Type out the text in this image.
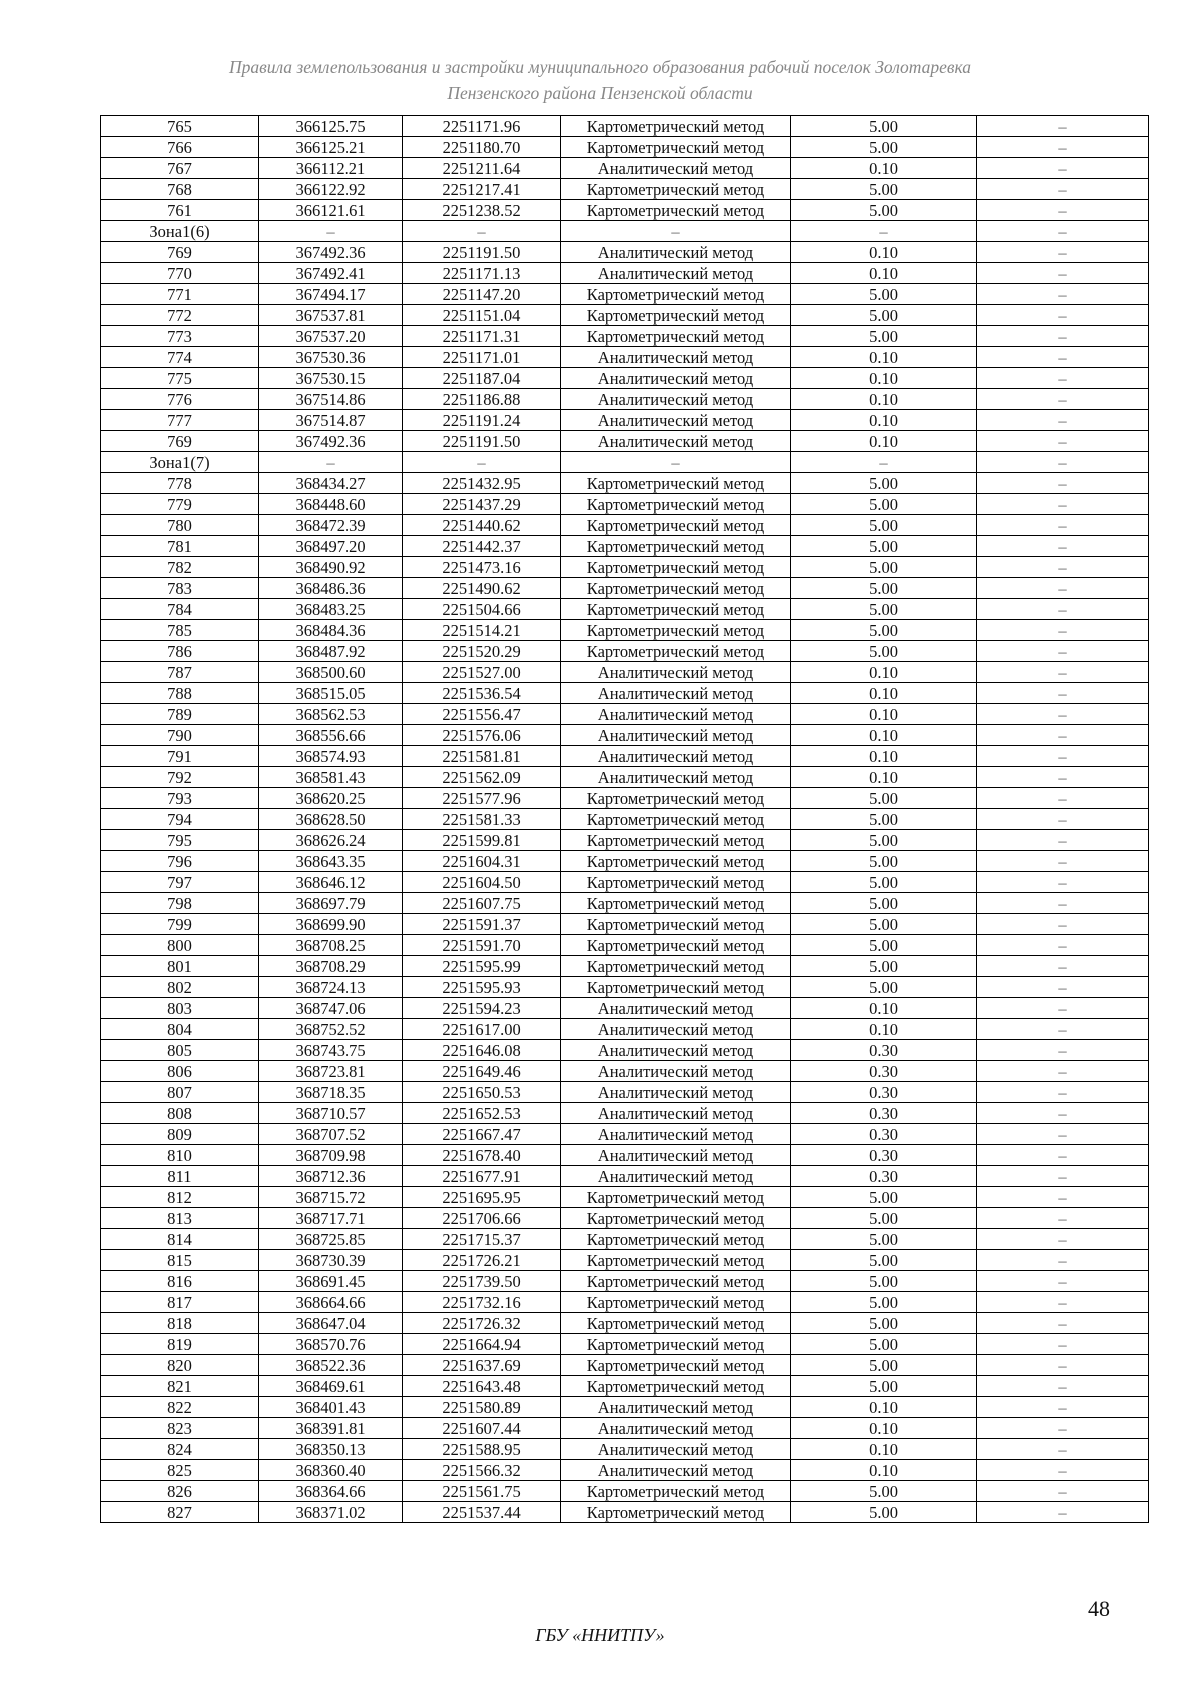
Правила землепользования и застройки муниципального образования рабочий поселок Золотаревка
Пензенского района Пензенской области
765	366125.75	2251171.96	Картометрический метод	5.00	–
766	366125.21	2251180.70	Картометрический метод	5.00	–
767	366112.21	2251211.64	Аналитический метод	0.10	–
768	366122.92	2251217.41	Картометрический метод	5.00	–
761	366121.61	2251238.52	Картометрический метод	5.00	–
Зона1(6)	–	–	–	–	–
769	367492.36	2251191.50	Аналитический метод	0.10	–
770	367492.41	2251171.13	Аналитический метод	0.10	–
771	367494.17	2251147.20	Картометрический метод	5.00	–
772	367537.81	2251151.04	Картометрический метод	5.00	–
773	367537.20	2251171.31	Картометрический метод	5.00	–
774	367530.36	2251171.01	Аналитический метод	0.10	–
775	367530.15	2251187.04	Аналитический метод	0.10	–
776	367514.86	2251186.88	Аналитический метод	0.10	–
777	367514.87	2251191.24	Аналитический метод	0.10	–
769	367492.36	2251191.50	Аналитический метод	0.10	–
Зона1(7)	–	–	–	–	–
778	368434.27	2251432.95	Картометрический метод	5.00	–
779	368448.60	2251437.29	Картометрический метод	5.00	–
780	368472.39	2251440.62	Картометрический метод	5.00	–
781	368497.20	2251442.37	Картометрический метод	5.00	–
782	368490.92	2251473.16	Картометрический метод	5.00	–
783	368486.36	2251490.62	Картометрический метод	5.00	–
784	368483.25	2251504.66	Картометрический метод	5.00	–
785	368484.36	2251514.21	Картометрический метод	5.00	–
786	368487.92	2251520.29	Картометрический метод	5.00	–
787	368500.60	2251527.00	Аналитический метод	0.10	–
788	368515.05	2251536.54	Аналитический метод	0.10	–
789	368562.53	2251556.47	Аналитический метод	0.10	–
790	368556.66	2251576.06	Аналитический метод	0.10	–
791	368574.93	2251581.81	Аналитический метод	0.10	–
792	368581.43	2251562.09	Аналитический метод	0.10	–
793	368620.25	2251577.96	Картометрический метод	5.00	–
794	368628.50	2251581.33	Картометрический метод	5.00	–
795	368626.24	2251599.81	Картометрический метод	5.00	–
796	368643.35	2251604.31	Картометрический метод	5.00	–
797	368646.12	2251604.50	Картометрический метод	5.00	–
798	368697.79	2251607.75	Картометрический метод	5.00	–
799	368699.90	2251591.37	Картометрический метод	5.00	–
800	368708.25	2251591.70	Картометрический метод	5.00	–
801	368708.29	2251595.99	Картометрический метод	5.00	–
802	368724.13	2251595.93	Картометрический метод	5.00	–
803	368747.06	2251594.23	Аналитический метод	0.10	–
804	368752.52	2251617.00	Аналитический метод	0.10	–
805	368743.75	2251646.08	Аналитический метод	0.30	–
806	368723.81	2251649.46	Аналитический метод	0.30	–
807	368718.35	2251650.53	Аналитический метод	0.30	–
808	368710.57	2251652.53	Аналитический метод	0.30	–
809	368707.52	2251667.47	Аналитический метод	0.30	–
810	368709.98	2251678.40	Аналитический метод	0.30	–
811	368712.36	2251677.91	Аналитический метод	0.30	–
812	368715.72	2251695.95	Картометрический метод	5.00	–
813	368717.71	2251706.66	Картометрический метод	5.00	–
814	368725.85	2251715.37	Картометрический метод	5.00	–
815	368730.39	2251726.21	Картометрический метод	5.00	–
816	368691.45	2251739.50	Картометрический метод	5.00	–
817	368664.66	2251732.16	Картометрический метод	5.00	–
818	368647.04	2251726.32	Картометрический метод	5.00	–
819	368570.76	2251664.94	Картометрический метод	5.00	–
820	368522.36	2251637.69	Картометрический метод	5.00	–
821	368469.61	2251643.48	Картометрический метод	5.00	–
822	368401.43	2251580.89	Аналитический метод	0.10	–
823	368391.81	2251607.44	Аналитический метод	0.10	–
824	368350.13	2251588.95	Аналитический метод	0.10	–
825	368360.40	2251566.32	Аналитический метод	0.10	–
826	368364.66	2251561.75	Картометрический метод	5.00	–
827	368371.02	2251537.44	Картометрический метод	5.00	–
48
ГБУ «ННИТПУ»
